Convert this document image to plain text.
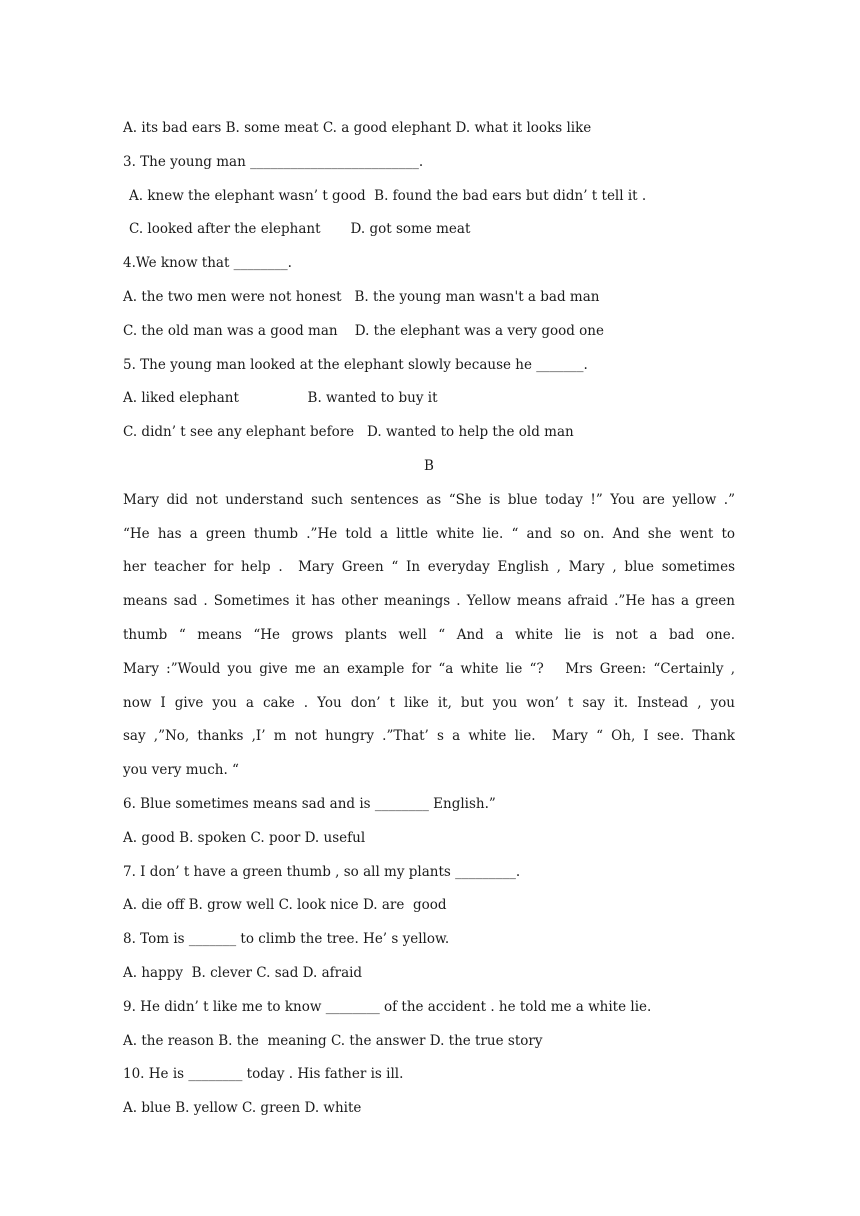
A. its bad ears B. some meat C. a good elephant D. what it looks like
3. The young man _________________________.
A. knew the elephant wasn’ t good  B. found the bad ears but didn’ t tell it .
C. looked after the elephant       D. got some meat
4.We know that ________.
A. the two men were not honest   B. the young man wasn't a bad man
C. the old man was a good man    D. the elephant was a very good one
5. The young man looked at the elephant slowly because he _______.
A. liked elephant                B. wanted to buy it
C. didn’ t see any elephant before   D. wanted to help the old man
B
Mary did not understand such sentences as “She is blue today !” You are yellow .”
“He has a green thumb .”He told a little white lie. “ and so on. And she went to
her teacher for help .  Mary Green “ In everyday English , Mary , blue sometimes
means sad . Sometimes it has other meanings . Yellow means afraid .”He has a green
thumb “ means “He grows plants well “ And a white lie is not a bad one.
Mary :”Would you give me an example for “a white lie “?   Mrs Green: “Certainly ,
now I give you a cake . You don’ t like it, but you won’ t say it. Instead , you
say ,”No, thanks ,I’ m not hungry .”That’ s a white lie.  Mary “ Oh, I see. Thank
you very much. “
6. Blue sometimes means sad and is ________ English.”
A. good B. spoken C. poor D. useful
7. I don’ t have a green thumb , so all my plants _________.
A. die off B. grow well C. look nice D. are  good
8. Tom is _______ to climb the tree. He’ s yellow.
A. happy  B. clever C. sad D. afraid
9. He didn’ t like me to know ________ of the accident . he told me a white lie.
A. the reason B. the  meaning C. the answer D. the true story
10. He is ________ today . His father is ill.
A. blue B. yellow C. green D. white
